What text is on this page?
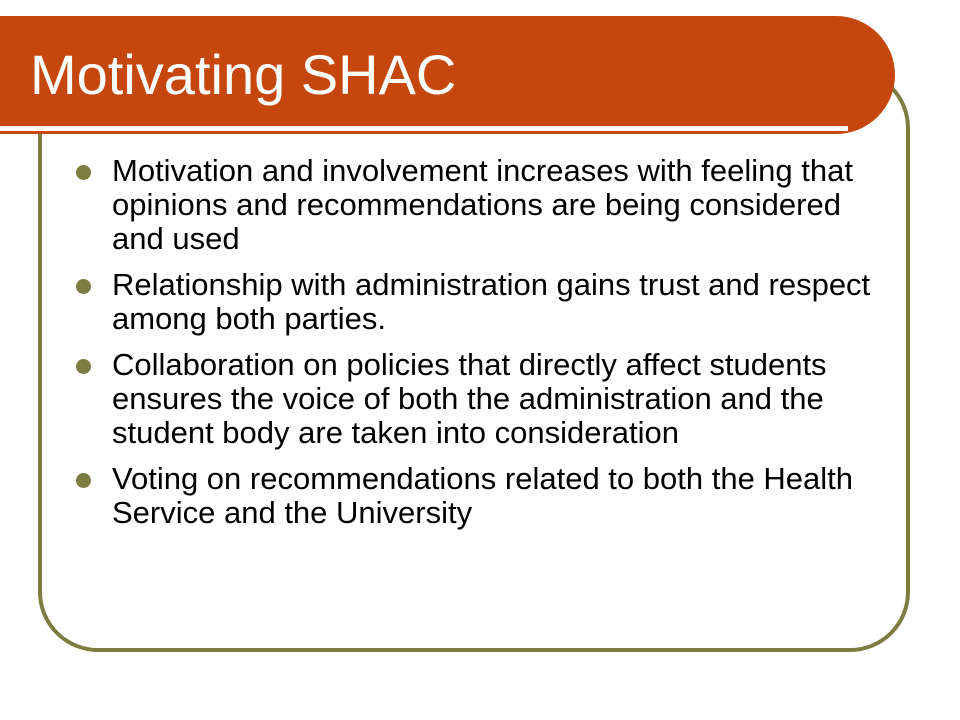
Motivating SHAC
Motivation and involvement increases with feeling that opinions and recommendations are being considered and used
Relationship with administration gains trust and respect among both parties.
Collaboration on policies that directly affect students ensures the voice of both the administration and the student body are taken into consideration
Voting on recommendations related to both the Health Service and the University
